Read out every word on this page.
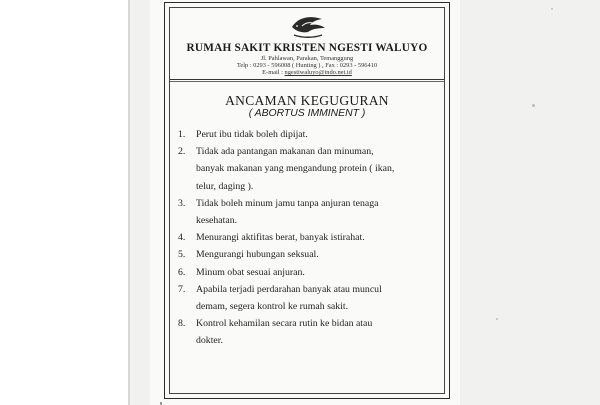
RUMAH SAKIT KRISTEN NGESTI WALUYO
Jl. Pahlawan, Parakan, Temanggung
Telp : 0293 - 596008 ( Hunting ) , Fax : 0293 - 596410
E-mail : ngestiwaluyo@indo.net.id
ANCAMAN KEGUGURAN
( ABORTUS IMMINENT )
1. Perut ibu tidak boleh dipijat.
2. Tidak ada pantangan makanan dan minuman,
banyak makanan yang mengandung protein ( ikan,
telur, daging ).
3. Tidak boleh minum jamu tanpa anjuran tenaga
kesehatan.
4. Menurangi aktifitas berat, banyak istirahat.
5. Mengurangi hubungan seksual.
6. Minum obat sesuai anjuran.
7. Apabila terjadi perdarahan banyak atau muncul
demam, segera kontrol ke rumah sakit.
8. Kontrol kehamilan secara rutin ke bidan atau
dokter.
